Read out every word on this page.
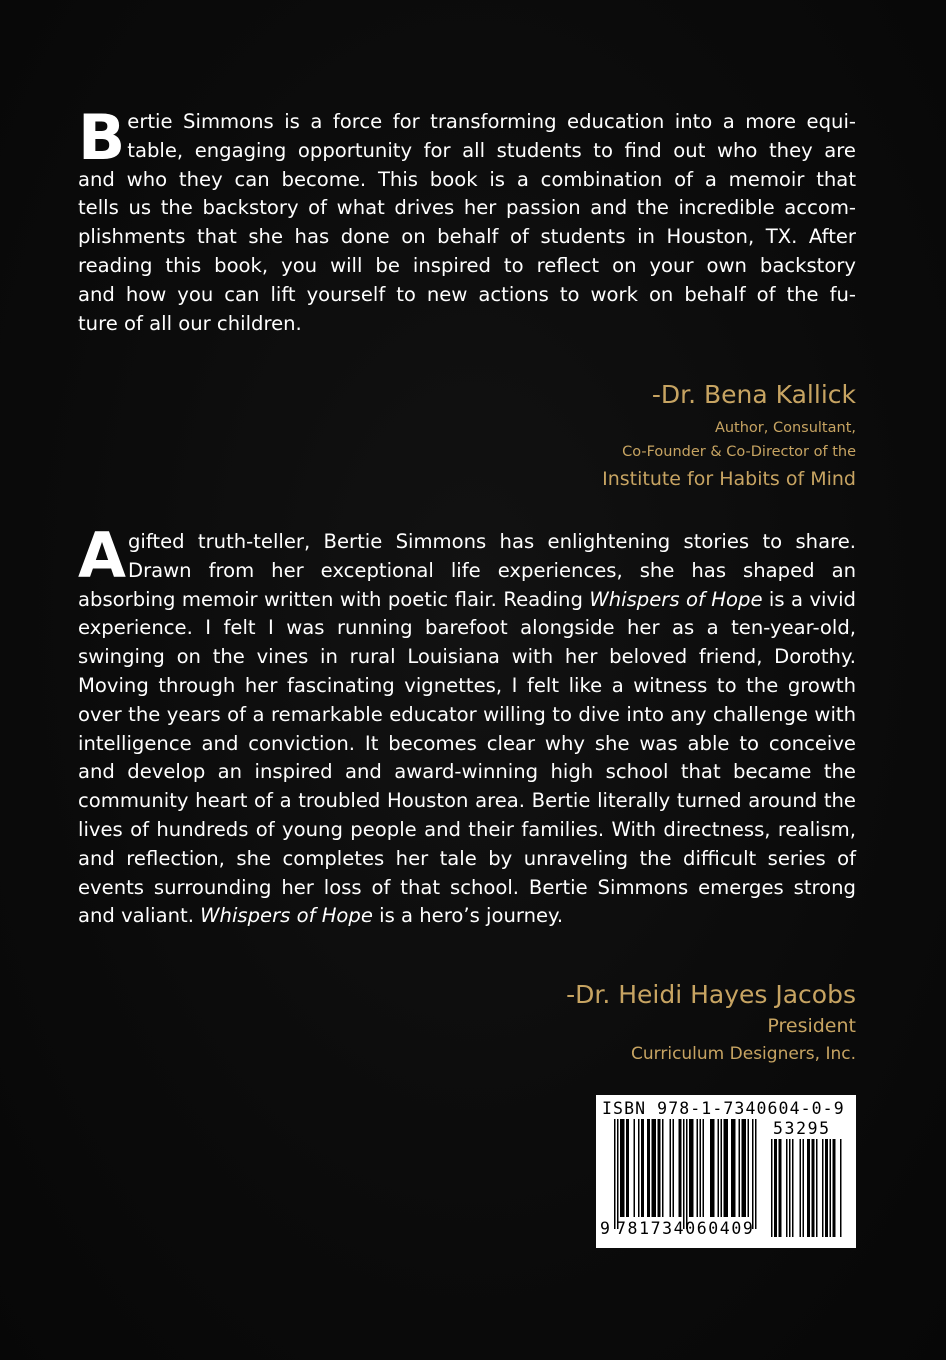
B ertie Simmons is a force for transforming education into a more equi-
table, engaging opportunity for all students to find out who they are
and who they can become. This book is a combination of a memoir that
tells us the backstory of what drives her passion and the incredible accom-
plishments that she has done on behalf of students in Houston, TX. After
reading this book, you will be inspired to reflect on your own backstory
and how you can lift yourself to new actions to work on behalf of the fu-
ture of all our children.

-Dr. Bena Kallick
Author, Consultant,
Co-Founder & Co-Director of the
Institute for Habits of Mind

Agifted truth-teller, Bertie Simmons has enlightening stories to share. Drawn from her exceptional life experiences, she has shaped an absorbing memoir written with poetic flair. Reading Whispers of Hope is a vivid experience. I felt I was running barefoot alongside her as a ten-year-old, swinging on the vines in rural Louisiana with her beloved friend, Dorothy. Moving through her fascinating vignettes, I felt like a witness to the growth over the years of a remarkable educator willing to dive into any challenge with intelligence and conviction. It becomes clear why she was able to conceive and develop an inspired and award-winning high school that became the community heart of a troubled Houston area. Bertie literally turned around the lives of hundreds of young people and their families. With directness, realism, and reflection, she completes her tale by unraveling the difficult series of events surrounding her loss of that school. Bertie Simmons emerges strong and valiant. Whispers of Hope is a hero’s journey.

-Dr. Heidi Hayes Jacobs
President
Curriculum Designers, Inc.
ISBN 978-1-7340604-0-9
53295
9 781734060409
